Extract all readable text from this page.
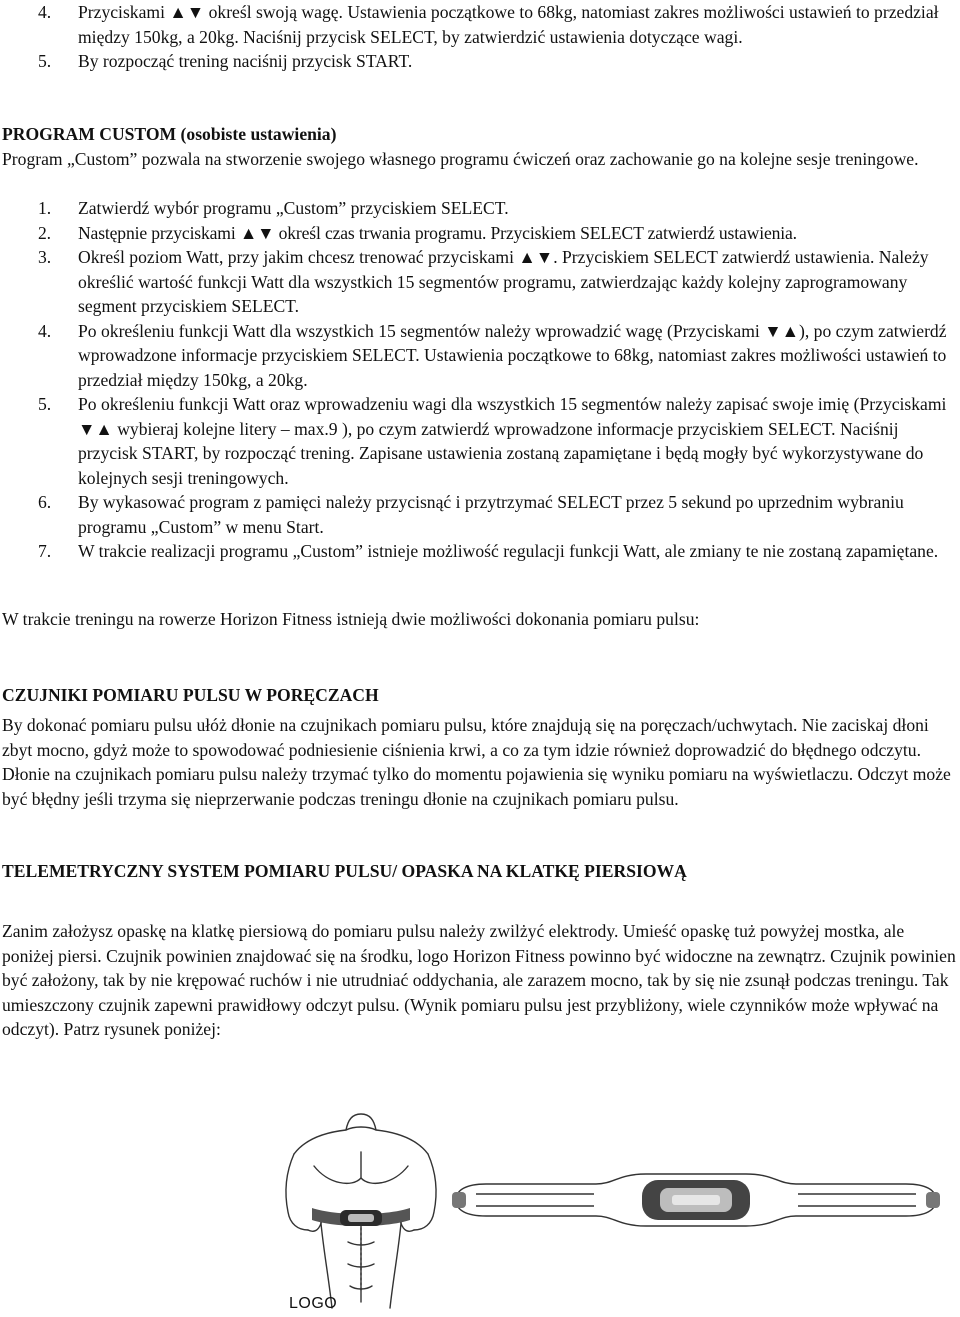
4. Przyciskami ▲▼ określ swoją wagę. Ustawienia początkowe to 68kg, natomiast zakres możliwości ustawień to przedział między 150kg, a 20kg. Naciśnij przycisk SELECT, by zatwierdzić ustawienia dotyczące wagi.
5. By rozpocząć trening naciśnij przycisk START.
PROGRAM CUSTOM (osobiste ustawienia)

Program „Custom” pozwala na stworzenie swojego własnego programu ćwiczeń oraz zachowanie go na kolejne sesje treningowe.

1. Zatwierdź wybór programu „Custom” przyciskiem SELECT.
2. Następnie przyciskami ▲▼ określ czas trwania programu. Przyciskiem SELECT zatwierdź ustawienia.
3. Określ poziom Watt, przy jakim chcesz trenować przyciskami ▲▼. Przyciskiem SELECT zatwierdź ustawienia. Należy określić wartość funkcji Watt dla wszystkich 15 segmentów programu, zatwierdzając każdy kolejny zaprogramowany segment przyciskiem SELECT.
4. Po określeniu funkcji Watt dla wszystkich 15 segmentów należy wprowadzić wagę (Przyciskami ▼▲), po czym zatwierdź wprowadzone informacje przyciskiem SELECT. Ustawienia początkowe to 68kg, natomiast zakres możliwości ustawień to przedział między 150kg, a 20kg.
5. Po określeniu funkcji Watt oraz wprowadzeniu wagi dla wszystkich 15 segmentów należy zapisać swoje imię (Przyciskami ▼▲ wybieraj kolejne litery – max.9 ), po czym zatwierdź wprowadzone informacje przyciskiem SELECT. Naciśnij przycisk START, by rozpocząć trening. Zapisane ustawienia zostaną zapamiętane i będą mogły być wykorzystywane do kolejnych sesji treningowych.
6. By wykasować program z pamięci należy przycisnąć i przytrzymać SELECT przez 5 sekund po uprzednim wybraniu programu „Custom” w menu Start.
7. W trakcie realizacji programu „Custom” istnieje możliwość regulacji funkcji Watt, ale zmiany te nie zostaną zapamiętane.

W trakcie treningu na rowerze Horizon Fitness istnieją dwie możliwości dokonania pomiaru pulsu:

CZUJNIKI POMIARU PULSU W PORĘCZACH

By dokonać pomiaru pulsu ułóż dłonie na czujnikach pomiaru pulsu, które znajdują się na poręczach/uchwytach. Nie zaciskaj dłoni zbyt mocno, gdyż może to spowodować podniesienie ciśnienia krwi, a co za tym idzie również doprowadzić do błędnego odczytu. Dłonie na czujnikach pomiaru pulsu należy trzymać tylko do momentu pojawienia się wyniku pomiaru na wyświetlaczu. Odczyt może być błędny jeśli trzyma się nieprzerwanie podczas treningu dłonie na czujnikach pomiaru pulsu.

TELEMETRYCZNY SYSTEM POMIARU PULSU/ OPASKA NA KLATKĘ PIERSIOWĄ

Zanim założysz opaskę na klatkę piersiową do pomiaru pulsu należy zwilżyć elektrody. Umieść opaskę tuż powyżej mostka, ale poniżej piersi. Czujnik powinien znajdować się na środku, logo Horizon Fitness powinno być widoczne na zewnątrz. Czujnik powinien być założony, tak by nie krępować ruchów i nie utrudniać oddychania, ale zarazem mocno, tak by się nie zsunął podczas treningu. Tak umieszczony czujnik zapewni prawidłowy odczyt pulsu. (Wynik pomiaru pulsu jest przybliżony, wiele czynników może wpływać na odczyt). Patrz rysunek poniżej:

LOGO
